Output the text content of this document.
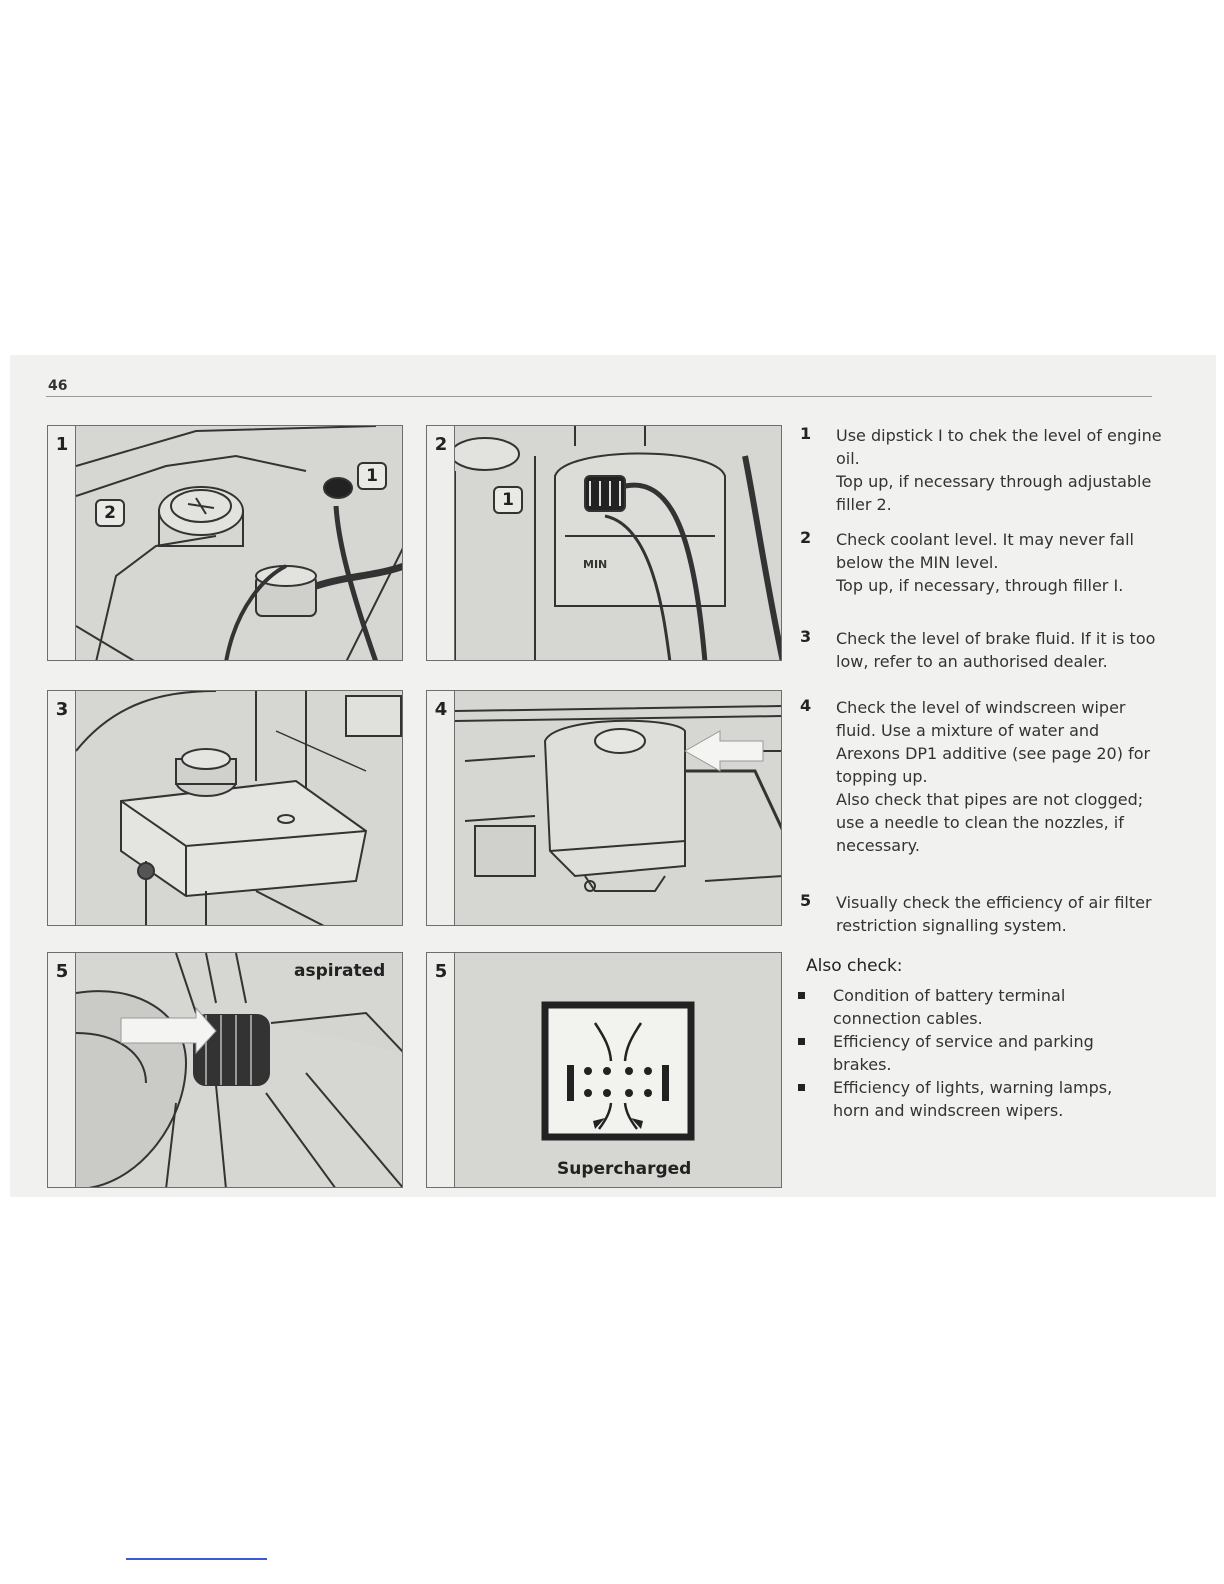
46
1
2
1
2
MIN
1
3	4
5	aspirated	5
Supercharged
1 Use dipstick I to chek the level of engine oil.

Top up, if necessary through adjustable filler 2.

2 Check coolant level. It may never fall below the MIN level.

Top up, if necessary, through filler I.

3 Check the level of brake fluid. If it is too low, refer to an authorised dealer.

4 Check the level of windscreen wiper fluid. Use a mixture of water and Arexons DP1 additive (see page 20) for topping up.

Also check that pipes are not clogged; use a needle to clean the nozzles, if necessary.

5 Visually check the efficiency of air filter restriction signalling system.

Also check:
Condition of battery terminal connection cables.
Efficiency of service and parking brakes.
Efficiency of lights, warning lamps, horn and windscreen wipers.
